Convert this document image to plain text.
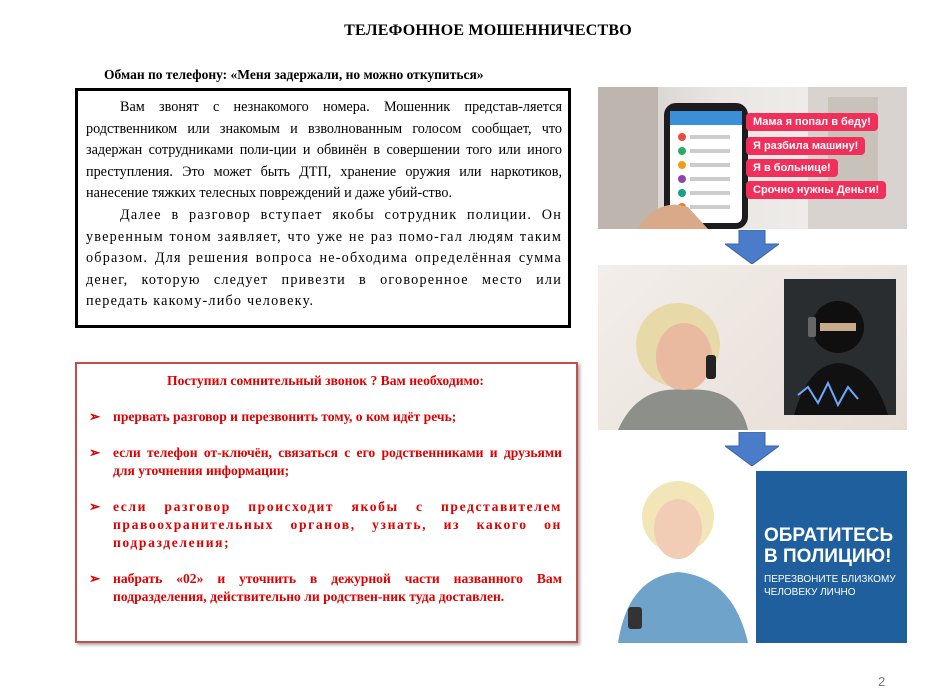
ТЕЛЕФОННОЕ МОШЕННИЧЕСТВО
Обман по телефону: «Меня задержали, но можно откупиться»

Вам звонят с незнакомого номера. Мошенник представ-ляется родственником или знакомым и взволнованным голосом сообщает, что задержан сотрудниками поли-ции и обвинён в совершении того или иного преступления. Это может быть ДТП, хранение оружия или наркотиков, нанесение тяжких телесных повреждений и даже убий-ство.

Далее в разговор вступает якобы сотрудник полиции. Он уверенным тоном заявляет, что уже не раз помо-гал людям таким образом. Для решения вопроса не-обходима определённая сумма денег, которую следует привезти в оговоренное место или передать какому-либо человеку.

Поступил сомнительный звонок ? Вам необходимо:
➢ прервать разговор и перезвонить тому, о ком идёт речь;
➢ если телефон от-ключён, связаться с его родственниками и друзьями для уточнения информации;
➢ если разговор происходит якобы с представителем правоохранительных органов, узнать, из какого он подразделения;
➢ набрать «02» и уточнить в дежурной части названного Вам подразделения, действительно ли родствен-ник туда доставлен.
Мама я попал в беду!
Я разбила машину!
Я в больнице!
Срочно нужны Деньги!
ОБРАТИТЕСЬ
В ПОЛИЦИЮ!
ПЕРЕЗВОНИТЕ БЛИЗКОМУ
ЧЕЛОВЕКУ ЛИЧНО
2
